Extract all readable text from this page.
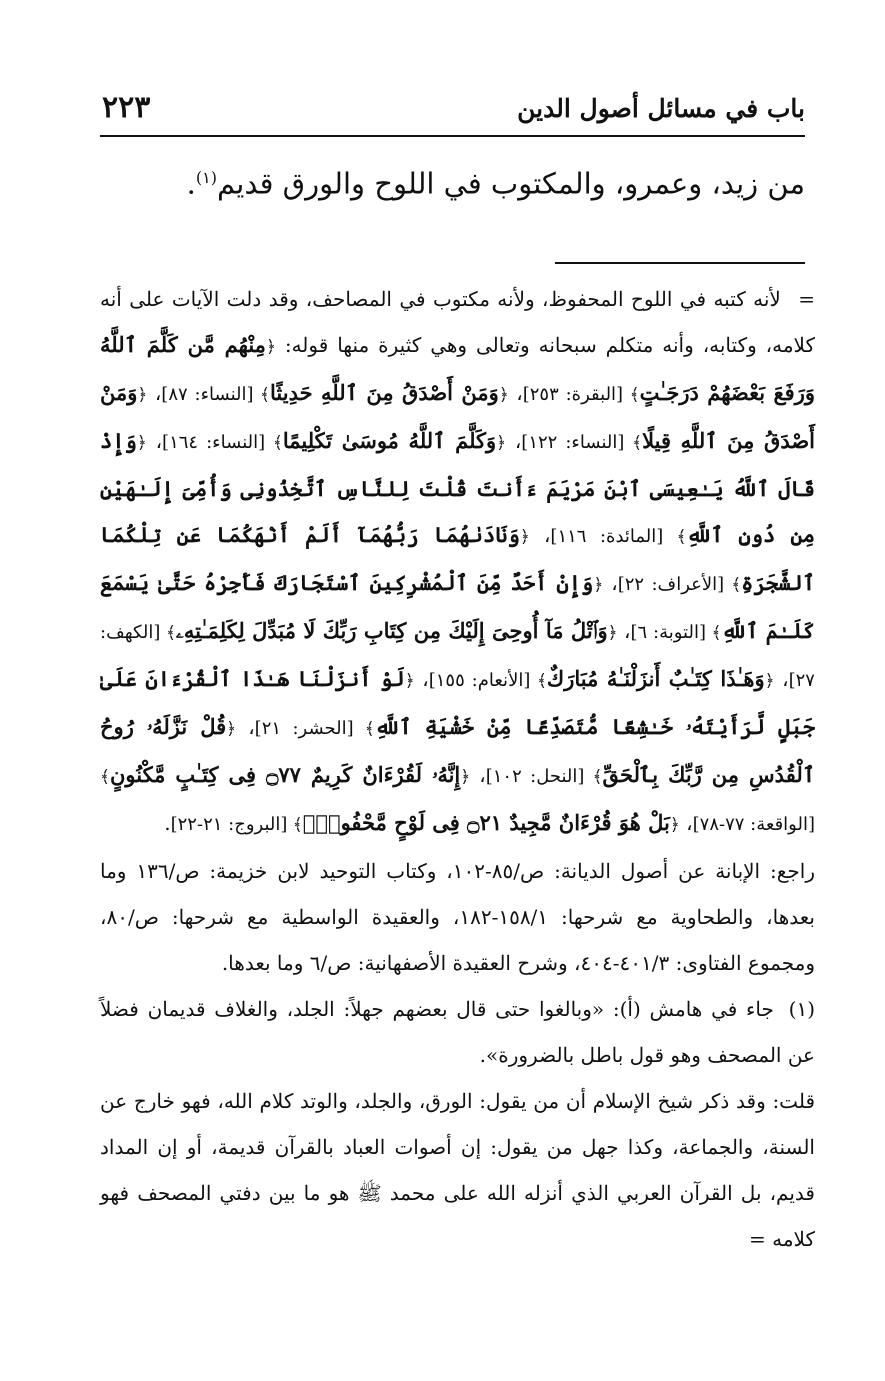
باب في مسائل أصول الدين
٢٢٣
من زيد، وعمرو، والمكتوب في اللوح والورق قديم$^{(١)}$.

= لأنه كتبه في اللوح المحفوظ، ولأنه مكتوب في المصاحف، وقد دلت الآيات على أنه كلامه، وكتابه، وأنه متكلم سبحانه وتعالى وهي كثيرة منها قوله: ﴿مِنْهُم مَّن كَلَّمَ ٱللَّهُ وَرَفَعَ بَعْضَهُمْ دَرَجَـٰتٍ﴾ [البقرة: ٢٥٣]، ﴿وَمَنْ أَصْدَقُ مِنَ ٱللَّهِ حَدِيثًا﴾ [النساء: ٨٧]، ﴿وَمَنْ أَصْدَقُ مِنَ ٱللَّهِ قِيلًا﴾ [النساء: ١٢٢]، ﴿وَكَلَّمَ ٱللَّهُ مُوسَىٰ تَكْلِيمًا﴾ [النساء: ١٦٤]، ﴿وَإِذْ قَالَ ٱللَّهُ يَـٰعِيسَى ٱبْنَ مَرْيَمَ ءَأَنتَ قُلْتَ لِلنَّاسِ ٱتَّخِذُونِى وَأُمِّىَ إِلَـٰهَيْنِ مِن دُونِ ٱللَّهِ﴾ [المائدة: ١١٦]، ﴿وَنَادَىٰهُمَا رَبُّهُمَآ أَلَمْ أَنْهَكُمَا عَن تِلْكُمَا ٱلشَّجَرَةِ﴾ [الأعراف: ٢٢]، ﴿وَإِنْ أَحَدٌ مِّنَ ٱلْمُشْرِكِينَ ٱسْتَجَارَكَ فَأَجِرْهُ حَتَّىٰ يَسْمَعَ كَلَـٰمَ ٱللَّهِ﴾ [التوبة: ٦]، ﴿وَٱتْلُ مَآ أُوحِىَ إِلَيْكَ مِن كِتَابِ رَبِّكَ لَا مُبَدِّلَ لِكَلِمَـٰتِهِۦ﴾ [الكهف: ٢٧]، ﴿وَهَـٰذَا كِتَـٰبٌ أَنزَلْنَـٰهُ مُبَارَكٌ﴾ [الأنعام: ١٥٥]، ﴿لَوْ أَنزَلْنَا هَـٰذَا ٱلْقُرْءَانَ عَلَىٰ جَبَلٍ لَّرَأَيْتَهُۥ خَـٰشِعًا مُّتَصَدِّعًا مِّنْ خَشْيَةِ ٱللَّهِ﴾ [الحشر: ٢١]، ﴿قُلْ نَزَّلَهُۥ رُوحُ ٱلْقُدُسِ مِن رَّبِّكَ بِٱلْحَقِّ﴾ [النحل: ١٠٢]، ﴿إِنَّهُۥ لَقُرْءَانٌ كَرِيمٌ ۝٧٧ فِى كِتَـٰبٍ مَّكْنُونٍ﴾ [الواقعة: ٧٧-٧٨]، ﴿بَلْ هُوَ قُرْءَانٌ مَّجِيدٌ ۝٢١ فِى لَوْحٍ مَّحْفُوظٍۭ﴾ [البروج: ٢١-٢٢].

راجع: الإبانة عن أصول الديانة: ص/٨٥-١٠٢، وكتاب التوحيد لابن خزيمة: ص/١٣٦ وما بعدها، والطحاوية مع شرحها: ١٥٨/١-١٨٢، والعقيدة الواسطية مع شرحها: ص/٨٠، ومجموع الفتاوى: ٤٠١/٣-٤٠٤، وشرح العقيدة الأصفهانية: ص/٦ وما بعدها.

(١) جاء في هامش (أ): «وبالغوا حتى قال بعضهم جهلاً: الجلد، والغلاف قديمان فضلاً عن المصحف وهو قول باطل بالضرورة».

قلت: وقد ذكر شيخ الإسلام أن من يقول: الورق، والجلد، والوتد كلام الله، فهو خارج عن السنة، والجماعة، وكذا جهل من يقول: إن أصوات العباد بالقرآن قديمة، أو إن المداد قديم، بل القرآن العربي الذي أنزله الله على محمد ﷺ هو ما بين دفتي المصحف فهو كلامه =
